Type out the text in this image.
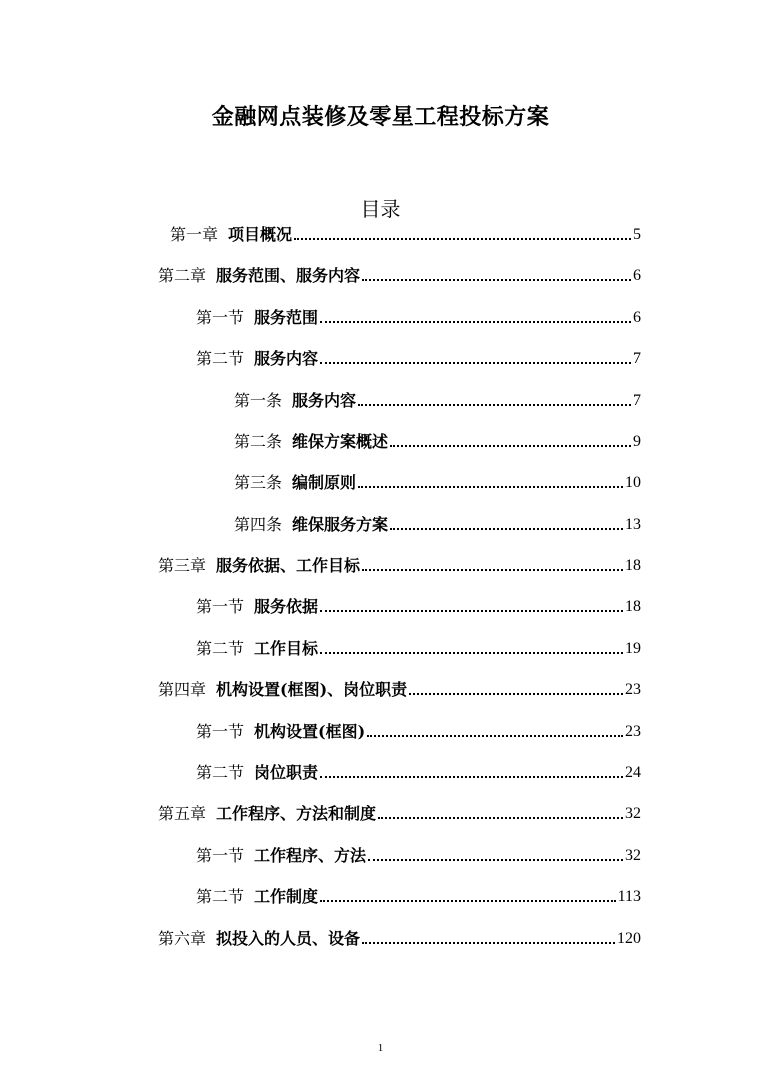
金融网点装修及零星工程投标方案
目录
第一章 项目概况	5
第二章 服务范围、服务内容	6
第一节 服务范围	6
第二节 服务内容	7
第一条 服务内容	7
第二条 维保方案概述	9
第三条 编制原则	10
第四条 维保服务方案	13
第三章 服务依据、工作目标	18
第一节 服务依据	18
第二节 工作目标	19
第四章 机构设置(框图)、岗位职责	23
第一节 机构设置(框图)	23
第二节 岗位职责	24
第五章 工作程序、方法和制度	32
第一节 工作程序、方法	32
第二节 工作制度	113
第六章 拟投入的人员、设备	120
1
